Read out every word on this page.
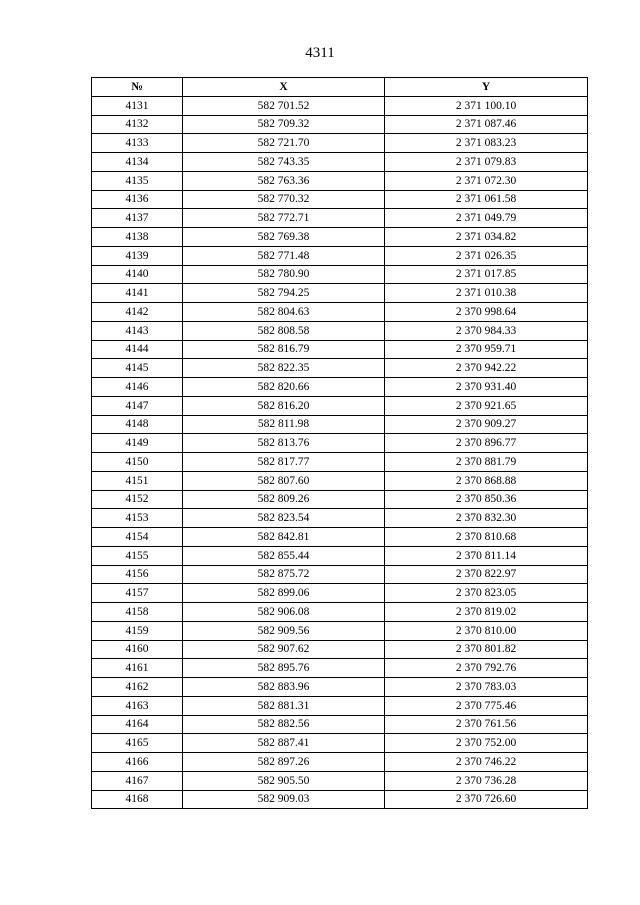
4311
№	X	Y
4131	582 701.52	2 371 100.10
4132	582 709.32	2 371 087.46
4133	582 721.70	2 371 083.23
4134	582 743.35	2 371 079.83
4135	582 763.36	2 371 072.30
4136	582 770.32	2 371 061.58
4137	582 772.71	2 371 049.79
4138	582 769.38	2 371 034.82
4139	582 771.48	2 371 026.35
4140	582 780.90	2 371 017.85
4141	582 794.25	2 371 010.38
4142	582 804.63	2 370 998.64
4143	582 808.58	2 370 984.33
4144	582 816.79	2 370 959.71
4145	582 822.35	2 370 942.22
4146	582 820.66	2 370 931.40
4147	582 816.20	2 370 921.65
4148	582 811.98	2 370 909.27
4149	582 813.76	2 370 896.77
4150	582 817.77	2 370 881.79
4151	582 807.60	2 370 868.88
4152	582 809.26	2 370 850.36
4153	582 823.54	2 370 832.30
4154	582 842.81	2 370 810.68
4155	582 855.44	2 370 811.14
4156	582 875.72	2 370 822.97
4157	582 899.06	2 370 823.05
4158	582 906.08	2 370 819.02
4159	582 909.56	2 370 810.00
4160	582 907.62	2 370 801.82
4161	582 895.76	2 370 792.76
4162	582 883.96	2 370 783.03
4163	582 881.31	2 370 775.46
4164	582 882.56	2 370 761.56
4165	582 887.41	2 370 752.00
4166	582 897.26	2 370 746.22
4167	582 905.50	2 370 736.28
4168	582 909.03	2 370 726.60
